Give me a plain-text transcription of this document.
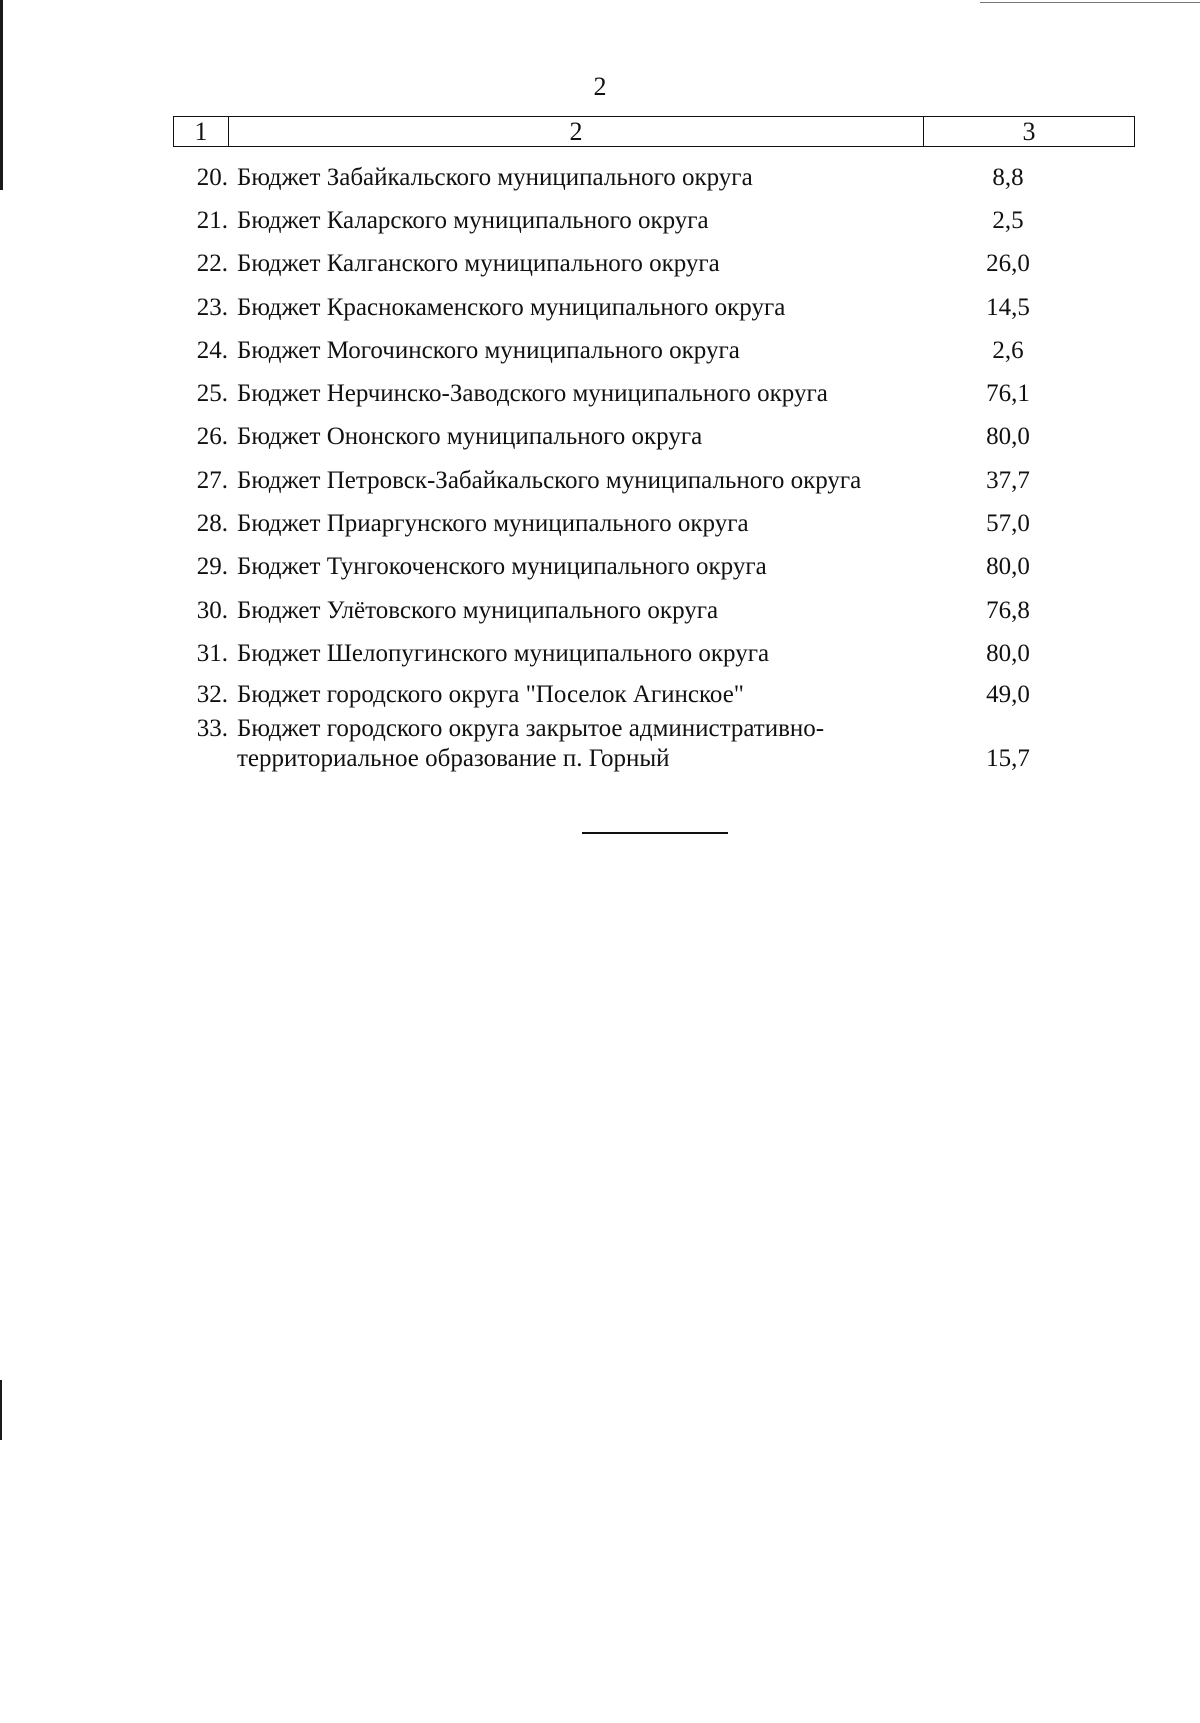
2
1	2	3
20. Бюджет Забайкальского муниципального округа	8,8
21. Бюджет Каларского муниципального округа	2,5
22. Бюджет Калганского муниципального округа	26,0
23. Бюджет Краснокаменского муниципального округа	14,5
24. Бюджет Могочинского муниципального округа	2,6
25. Бюджет Нерчинско-Заводского муниципального округа	76,1
26. Бюджет Ононского муниципального округа	80,0
27. Бюджет Петровск-Забайкальского муниципального округа	37,7
28. Бюджет Приаргунского муниципального округа	57,0
29. Бюджет Тунгокоченского муниципального округа	80,0
30. Бюджет Улётовского муниципального округа	76,8
31. Бюджет Шелопугинского муниципального округа	80,0
32. Бюджет городского округа "Поселок Агинское"	49,0
33. Бюджет городского округа закрытое административно-
территориальное образование п. Горный	15,7
